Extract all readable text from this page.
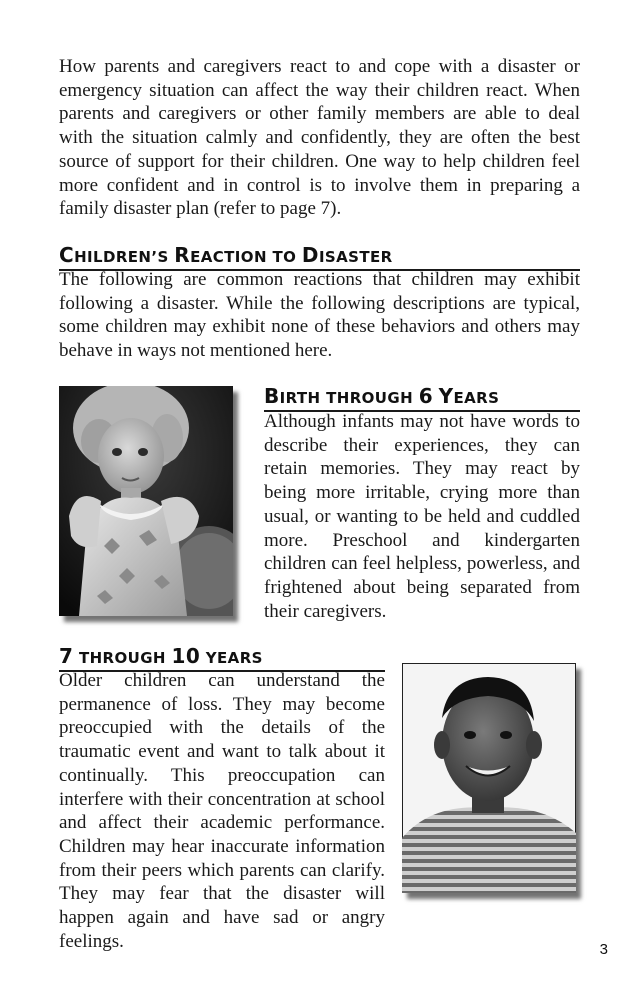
How parents and caregivers react to and cope with a disaster or emergency situation can affect the way their children react. When parents and caregivers or other family members are able to deal with the situation calmly and confidently, they are often the best source of support for their children. One way to help children feel more confident and in control is to involve them in preparing a family disaster plan (refer to page 7).

CHILDREN’S REACTION TO DISASTER

The following are common reactions that children may exhibit following a disaster. While the following descriptions are typical, some children may exhibit none of these behaviors and others may behave in ways not mentioned here.

BIRTH THROUGH 6 YEARS

Although infants may not have words to describe their experiences, they can retain memories. They may react by being more irritable, crying more than usual, or wanting to be held and cuddled more. Preschool and kindergarten children can feel helpless, powerless, and frightened about being separated from their caregivers.

7 THROUGH 10 YEARS

Older children can understand the permanence of loss. They may become preoccupied with the details of the traumatic event and want to talk about it continually. This preoccupation can interfere with their concentration at school and affect their academic performance. Children may hear inaccurate information from their peers which parents can clarify. They may fear that the disaster will happen again and have sad or angry feelings.	3
